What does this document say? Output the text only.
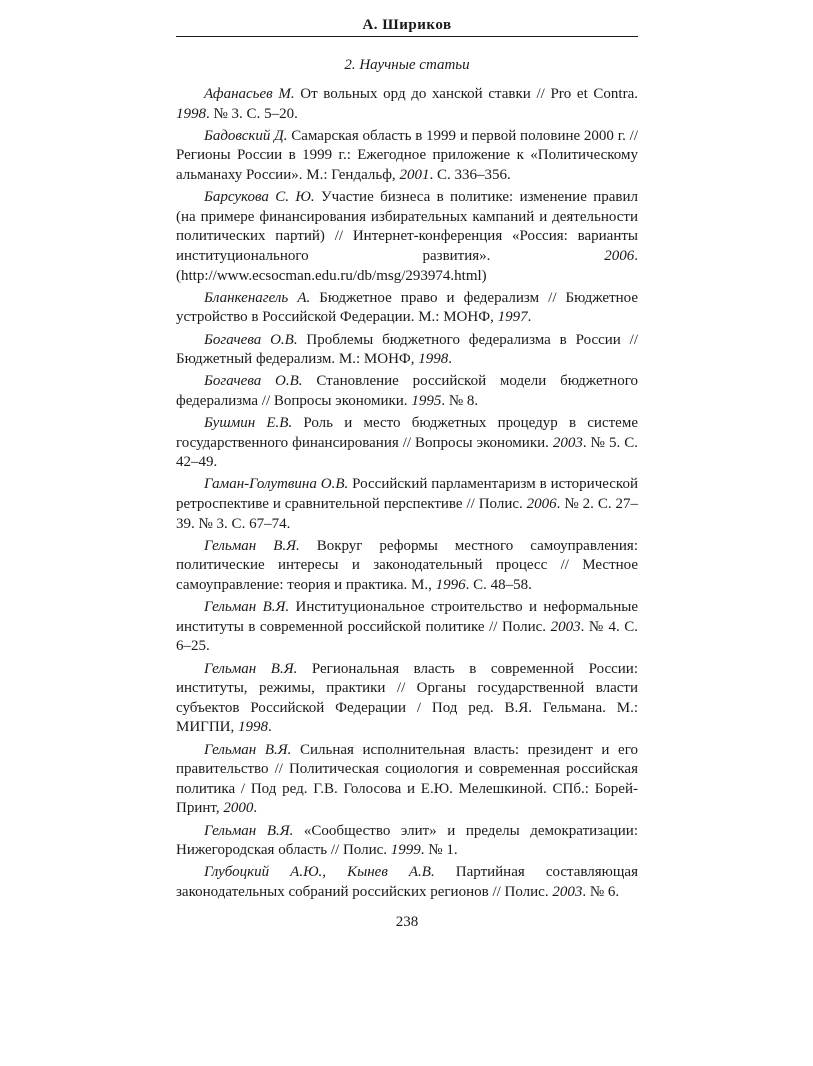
А. Шириков
2. Научные статьи
Афанасьев М. От вольных орд до ханской ставки // Pro et Contra. 1998. № 3. С. 5–20.
Бадовский Д. Самарская область в 1999 и первой половине 2000 г. // Регионы России в 1999 г.: Ежегодное приложение к «Политическому альманаху России». М.: Гендальф, 2001. С. 336–356.
Барсукова С. Ю. Участие бизнеса в политике: изменение правил (на примере финансирования избирательных кампаний и деятельности политических партий) // Интернет-конференция «Россия: варианты институционального развития». 2006. (http://www.ecsocman.edu.ru/db/msg/293974.html)
Бланкенагель А. Бюджетное право и федерализм // Бюджетное устройство в Российской Федерации. М.: МОНФ, 1997.
Богачева О.В. Проблемы бюджетного федерализма в России // Бюджетный федерализм. М.: МОНФ, 1998.
Богачева О.В. Становление российской модели бюджетного федерализма // Вопросы экономики. 1995. № 8.
Бушмин Е.В. Роль и место бюджетных процедур в системе государственного финансирования // Вопросы экономики. 2003. № 5. С. 42–49.
Гаман-Голутвина О.В. Российский парламентаризм в исторической ретроспективе и сравнительной перспективе // Полис. 2006. № 2. С. 27–39. № 3. С. 67–74.
Гельман В.Я. Вокруг реформы местного самоуправления: политические интересы и законодательный процесс // Местное самоуправление: теория и практика. М., 1996. С. 48–58.
Гельман В.Я. Институциональное строительство и неформальные институты в современной российской политике // Полис. 2003. № 4. С. 6–25.
Гельман В.Я. Региональная власть в современной России: институты, режимы, практики // Органы государственной власти субъектов Российской Федерации / Под ред. В.Я. Гельмана. М.: МИГПИ, 1998.
Гельман В.Я. Сильная исполнительная власть: президент и его правительство // Политическая социология и современная российская политика / Под ред. Г.В. Голосова и Е.Ю. Мелешкиной. СПб.: Борей-Принт, 2000.
Гельман В.Я. «Сообщество элит» и пределы демократизации: Нижегородская область // Полис. 1999. № 1.
Глубоцкий А.Ю., Кынев А.В. Партийная составляющая законодательных собраний российских регионов // Полис. 2003. № 6.
238
